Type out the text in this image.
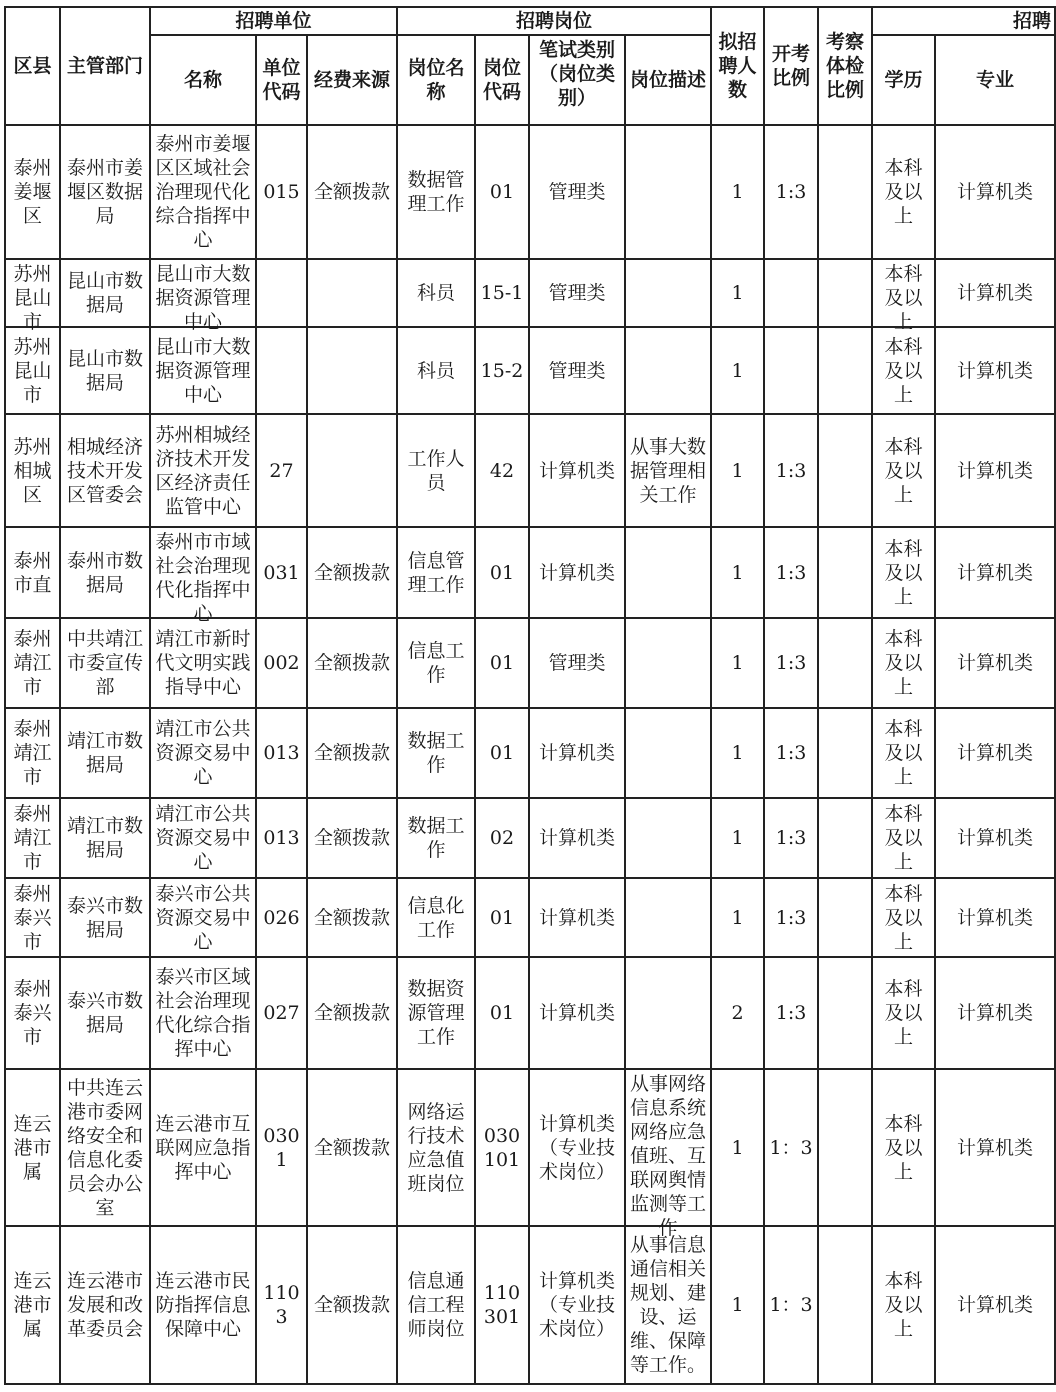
区县	主管部门	招聘单位			招聘岗位				拟招聘人数	开考比例	考察体检比例	招聘	
		名称	单位代码	经费来源	岗位名称	岗位代码	笔试类别（岗位类别）	岗位描述				学历	专业

泰州姜堰区	泰州市姜堰区数据局	泰州市姜堰区区域社会治理现代化综合指挥中心	015	全额拨款	数据管理工作	01	管理类		1	1:3		本科及以上	计算机类

苏州昆山市	昆山市数据局	昆山市大数据资源管理中心			科员	15-1	管理类		1			本科及以上	计算机类

苏州昆山市	昆山市数据局	昆山市大数据资源管理中心			科员	15-2	管理类		1			本科及以上	计算机类

苏州相城区	相城经济技术开发区管委会	苏州相城经济技术开发区经济责任监管中心	27		工作人员	42	计算机类	从事大数据管理相关工作	1	1:3		本科及以上	计算机类

泰州市直	泰州市数据局	泰州市市域社会治理现代化指挥中心	031	全额拨款	信息管理工作	01	计算机类		1	1:3		本科及以上	计算机类

泰州靖江市	中共靖江市委宣传部	靖江市新时代文明实践指导中心	002	全额拨款	信息工作	01	管理类		1	1:3		本科及以上	计算机类

泰州靖江市	靖江市数据局	靖江市公共资源交易中心	013	全额拨款	数据工作	01	计算机类		1	1:3		本科及以上	计算机类

泰州靖江市	靖江市数据局	靖江市公共资源交易中心	013	全额拨款	数据工作	02	计算机类		1	1:3		本科及以上	计算机类

泰州泰兴市	泰兴市数据局	泰兴市公共资源交易中心	026	全额拨款	信息化工作	01	计算机类		1	1:3		本科及以上	计算机类

泰州泰兴市	泰兴市数据局	泰兴市区域社会治理现代化综合指挥中心	027	全额拨款	数据资源管理工作	01	计算机类		2	1:3		本科及以上	计算机类

连云港市属	中共连云港市委网络安全和信息化委员会办公室	连云港市互联网应急指挥中心	0301	全额拨款	网络运行技术应急值班岗位	030101	计算机类（专业技术岗位）	从事网络信息系统网络应急值班、互联网舆情监测等工作	1	1：3		本科及以上	计算机类

连云港市属	连云港市发展和改革委员会	连云港市民防指挥信息保障中心	1103	全额拨款	信息通信工程师岗位	110301	计算机类（专业技术岗位）	从事信息通信相关规划、建设、运维、保障等工作。	1	1：3		本科及以上	计算机类
